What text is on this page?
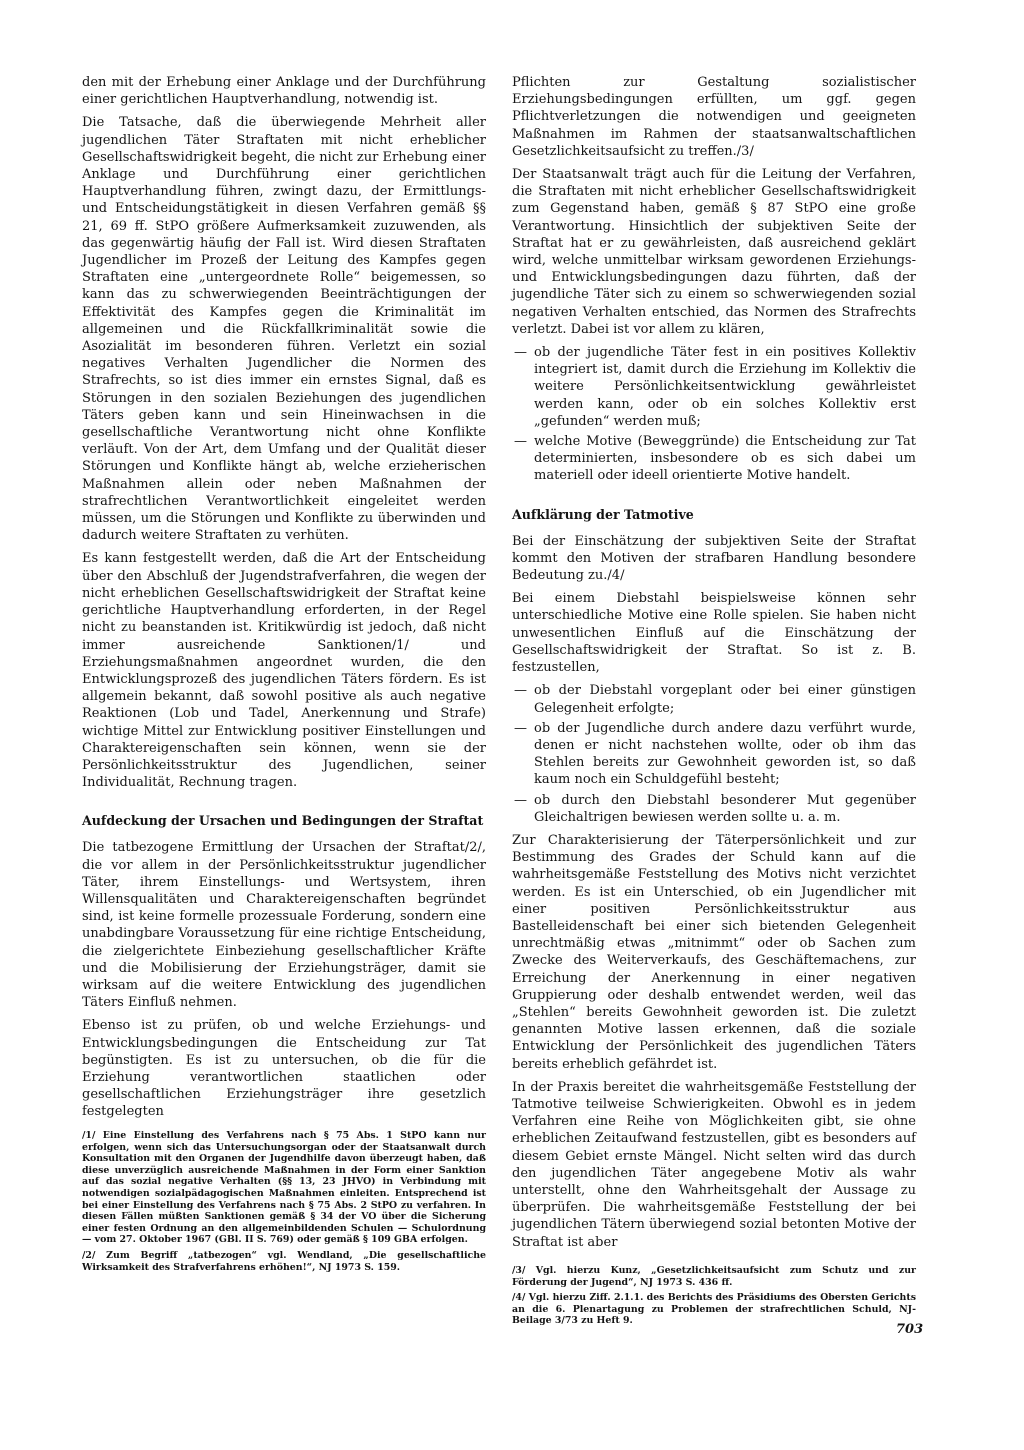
den mit der Erhebung einer Anklage und der Durchführung einer gerichtlichen Hauptverhandlung, notwendig ist.

Die Tatsache, daß die überwiegende Mehrheit aller jugendlichen Täter Straftaten mit nicht erheblicher Gesellschaftswidrigkeit begeht, die nicht zur Erhebung einer Anklage und Durchführung einer gerichtlichen Hauptverhandlung führen, zwingt dazu, der Ermittlungs- und Entscheidungstätigkeit in diesen Verfahren gemäß §§ 21, 69 ff. StPO größere Aufmerksamkeit zuzuwenden, als das gegenwärtig häufig der Fall ist. Wird diesen Straftaten Jugendlicher im Prozeß der Leitung des Kampfes gegen Straftaten eine „untergeordnete Rolle“ beigemessen, so kann das zu schwerwiegenden Beeinträchtigungen der Effektivität des Kampfes gegen die Kriminalität im allgemeinen und die Rückfallkriminalität sowie die Asozialität im besonderen führen. Verletzt ein sozial negatives Verhalten Jugendlicher die Normen des Strafrechts, so ist dies immer ein ernstes Signal, daß es Störungen in den sozialen Beziehungen des jugendlichen Täters geben kann und sein Hineinwachsen in die gesellschaftliche Verantwortung nicht ohne Konflikte verläuft. Von der Art, dem Umfang und der Qualität dieser Störungen und Konflikte hängt ab, welche erzieherischen Maßnahmen allein oder neben Maßnahmen der strafrechtlichen Verantwortlichkeit eingeleitet werden müssen, um die Störungen und Konflikte zu überwinden und dadurch weitere Straftaten zu verhüten.

Es kann festgestellt werden, daß die Art der Entscheidung über den Abschluß der Jugendstrafverfahren, die wegen der nicht erheblichen Gesellschaftswidrigkeit der Straftat keine gerichtliche Hauptverhandlung erforderten, in der Regel nicht zu beanstanden ist. Kritikwürdig ist jedoch, daß nicht immer ausreichende Sanktionen/1/ und Erziehungsmaßnahmen angeordnet wurden, die den Entwicklungsprozeß des jugendlichen Täters fördern. Es ist allgemein bekannt, daß sowohl positive als auch negative Reaktionen (Lob und Tadel, Anerkennung und Strafe) wichtige Mittel zur Entwicklung positiver Einstellungen und Charaktereigenschaften sein können, wenn sie der Persönlichkeitsstruktur des Jugendlichen, seiner Individualität, Rechnung tragen.

Aufdeckung der Ursachen und Bedingungen der Straftat

Die tatbezogene Ermittlung der Ursachen der Straftat/2/, die vor allem in der Persönlichkeitsstruktur jugendlicher Täter, ihrem Einstellungs- und Wertsystem, ihren Willensqualitäten und Charaktereigenschaften begründet sind, ist keine formelle prozessuale Forderung, sondern eine unabdingbare Voraussetzung für eine richtige Entscheidung, die zielgerichtete Einbeziehung gesellschaftlicher Kräfte und die Mobilisierung der Erziehungsträger, damit sie wirksam auf die weitere Entwicklung des jugendlichen Täters Einfluß nehmen.

Ebenso ist zu prüfen, ob und welche Erziehungs- und Entwicklungsbedingungen die Entscheidung zur Tat begünstigten. Es ist zu untersuchen, ob die für die Erziehung verantwortlichen staatlichen oder gesellschaftlichen Erziehungsträger ihre gesetzlich festgelegten

Pflichten zur Gestaltung sozialistischer Erziehungsbedingungen erfüllten, um ggf. gegen Pflichtverletzungen die notwendigen und geeigneten Maßnahmen im Rahmen der staatsanwaltschaftlichen Gesetzlichkeitsaufsicht zu treffen./3/

Der Staatsanwalt trägt auch für die Leitung der Verfahren, die Straftaten mit nicht erheblicher Gesellschaftswidrigkeit zum Gegenstand haben, gemäß § 87 StPO eine große Verantwortung. Hinsichtlich der subjektiven Seite der Straftat hat er zu gewährleisten, daß ausreichend geklärt wird, welche unmittelbar wirksam gewordenen Erziehungs- und Entwicklungsbedingungen dazu führten, daß der jugendliche Täter sich zu einem so schwerwiegenden sozial negativen Verhalten entschied, das Normen des Strafrechts verletzt. Dabei ist vor allem zu klären,

— ob der jugendliche Täter fest in ein positives Kollektiv integriert ist, damit durch die Erziehung im Kollektiv die weitere Persönlichkeitsentwicklung gewährleistet werden kann, oder ob ein solches Kollektiv erst „gefunden“ werden muß;
— welche Motive (Beweggründe) die Entscheidung zur Tat determinierten, insbesondere ob es sich dabei um materiell oder ideell orientierte Motive handelt.
Aufklärung der Tatmotive

Bei der Einschätzung der subjektiven Seite der Straftat kommt den Motiven der strafbaren Handlung besondere Bedeutung zu./4/

Bei einem Diebstahl beispielsweise können sehr unterschiedliche Motive eine Rolle spielen. Sie haben nicht unwesentlichen Einfluß auf die Einschätzung der Gesellschaftswidrigkeit der Straftat. So ist z. B. festzustellen,

— ob der Diebstahl vorgeplant oder bei einer günstigen Gelegenheit erfolgte;
— ob der Jugendliche durch andere dazu verführt wurde, denen er nicht nachstehen wollte, oder ob ihm das Stehlen bereits zur Gewohnheit geworden ist, so daß kaum noch ein Schuldgefühl besteht;
— ob durch den Diebstahl besonderer Mut gegenüber Gleichaltrigen bewiesen werden sollte u. a. m.

Zur Charakterisierung der Täterpersönlichkeit und zur Bestimmung des Grades der Schuld kann auf die wahrheitsgemäße Feststellung des Motivs nicht verzichtet werden. Es ist ein Unterschied, ob ein Jugendlicher mit einer positiven Persönlichkeitsstruktur aus Bastelleidenschaft bei einer sich bietenden Gelegenheit unrechtmäßig etwas „mitnimmt“ oder ob Sachen zum Zwecke des Weiterverkaufs, des Geschäftemachens, zur Erreichung der Anerkennung in einer negativen Gruppierung oder deshalb entwendet werden, weil das „Stehlen“ bereits Gewohnheit geworden ist. Die zuletzt genannten Motive lassen erkennen, daß die soziale Entwicklung der Persönlichkeit des jugendlichen Täters bereits erheblich gefährdet ist.

In der Praxis bereitet die wahrheitsgemäße Feststellung der Tatmotive teilweise Schwierigkeiten. Obwohl es in jedem Verfahren eine Reihe von Möglichkeiten gibt, sie ohne erheblichen Zeitaufwand festzustellen, gibt es besonders auf diesem Gebiet ernste Mängel. Nicht selten wird das durch den jugendlichen Täter angegebene Motiv als wahr unterstellt, ohne den Wahrheitsgehalt der Aussage zu überprüfen. Die wahrheitsgemäße Feststellung der bei jugendlichen Tätern überwiegend sozial betonten Motive der Straftat ist aber

/1/ Eine Einstellung des Verfahrens nach § 75 Abs. 1 StPO kann nur erfolgen, wenn sich das Untersuchungsorgan oder der Staatsanwalt durch Konsultation mit den Organen der Jugendhilfe davon überzeugt haben, daß diese unverzüglich ausreichende Maßnahmen in der Form einer Sanktion auf das sozial negative Verhalten (§§ 13, 23 JHVO) in Verbindung mit notwendigen sozialpädagogischen Maßnahmen einleiten. Entsprechend ist bei einer Einstellung des Verfahrens nach § 75 Abs. 2 StPO zu verfahren. In diesen Fällen müßten Sanktionen gemäß § 34 der VO über die Sicherung einer festen Ordnung an den allgemeinbildenden Schulen — Schulordnung — vom 27. Oktober 1967 (GBl. II S. 769) oder gemäß § 109 GBA erfolgen.

/2/ Zum Begriff „tatbezogen“ vgl. Wendland, „Die gesellschaftliche Wirksamkeit des Strafverfahrens erhöhen!“, NJ 1973 S. 159.	/3/ Vgl. hierzu Kunz, „Gesetzlichkeitsaufsicht zum Schutz und zur Förderung der Jugend“, NJ 1973 S. 436 ff.

/4/ Vgl. hierzu Ziff. 2.1.1. des Berichts des Präsidiums des Obersten Gerichts an die 6. Plenartagung zu Problemen der strafrechtlichen Schuld, NJ-Beilage 3/73 zu Heft 9.

703
